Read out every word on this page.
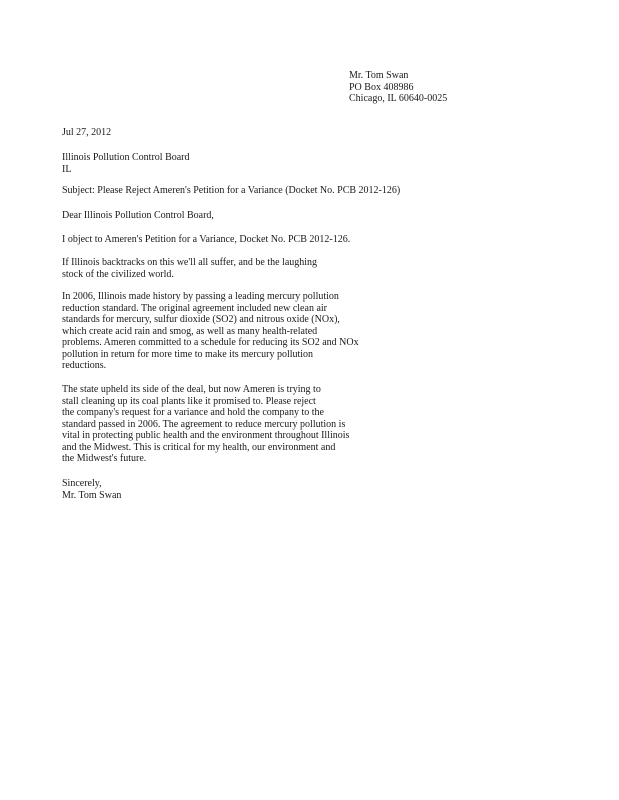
Mr. Tom Swan
PO Box 408986
Chicago, IL 60640-0025
Jul 27, 2012
Illinois Pollution Control Board
IL
Subject: Please Reject Ameren's Petition for a Variance (Docket No. PCB 2012-126)
Dear Illinois Pollution Control Board,
I object to Ameren's Petition for a Variance, Docket No. PCB 2012-126.
If Illinois backtracks on this we'll all suffer, and be the laughing
stock of the civilized world.
In 2006, Illinois made history by passing a leading mercury pollution
reduction standard. The original agreement included new clean air
standards for mercury, sulfur dioxide (SO2) and nitrous oxide (NOx),
which create acid rain and smog, as well as many health-related
problems. Ameren committed to a schedule for reducing its SO2 and NOx
pollution in return for more time to make its mercury pollution
reductions.
The state upheld its side of the deal, but now Ameren is trying to
stall cleaning up its coal plants like it promised to. Please reject
the company's request for a variance and hold the company to the
standard passed in 2006. The agreement to reduce mercury pollution is
vital in protecting public health and the environment throughout Illinois
and the Midwest. This is critical for my health, our environment and
the Midwest's future.
Sincerely,
Mr. Tom Swan
